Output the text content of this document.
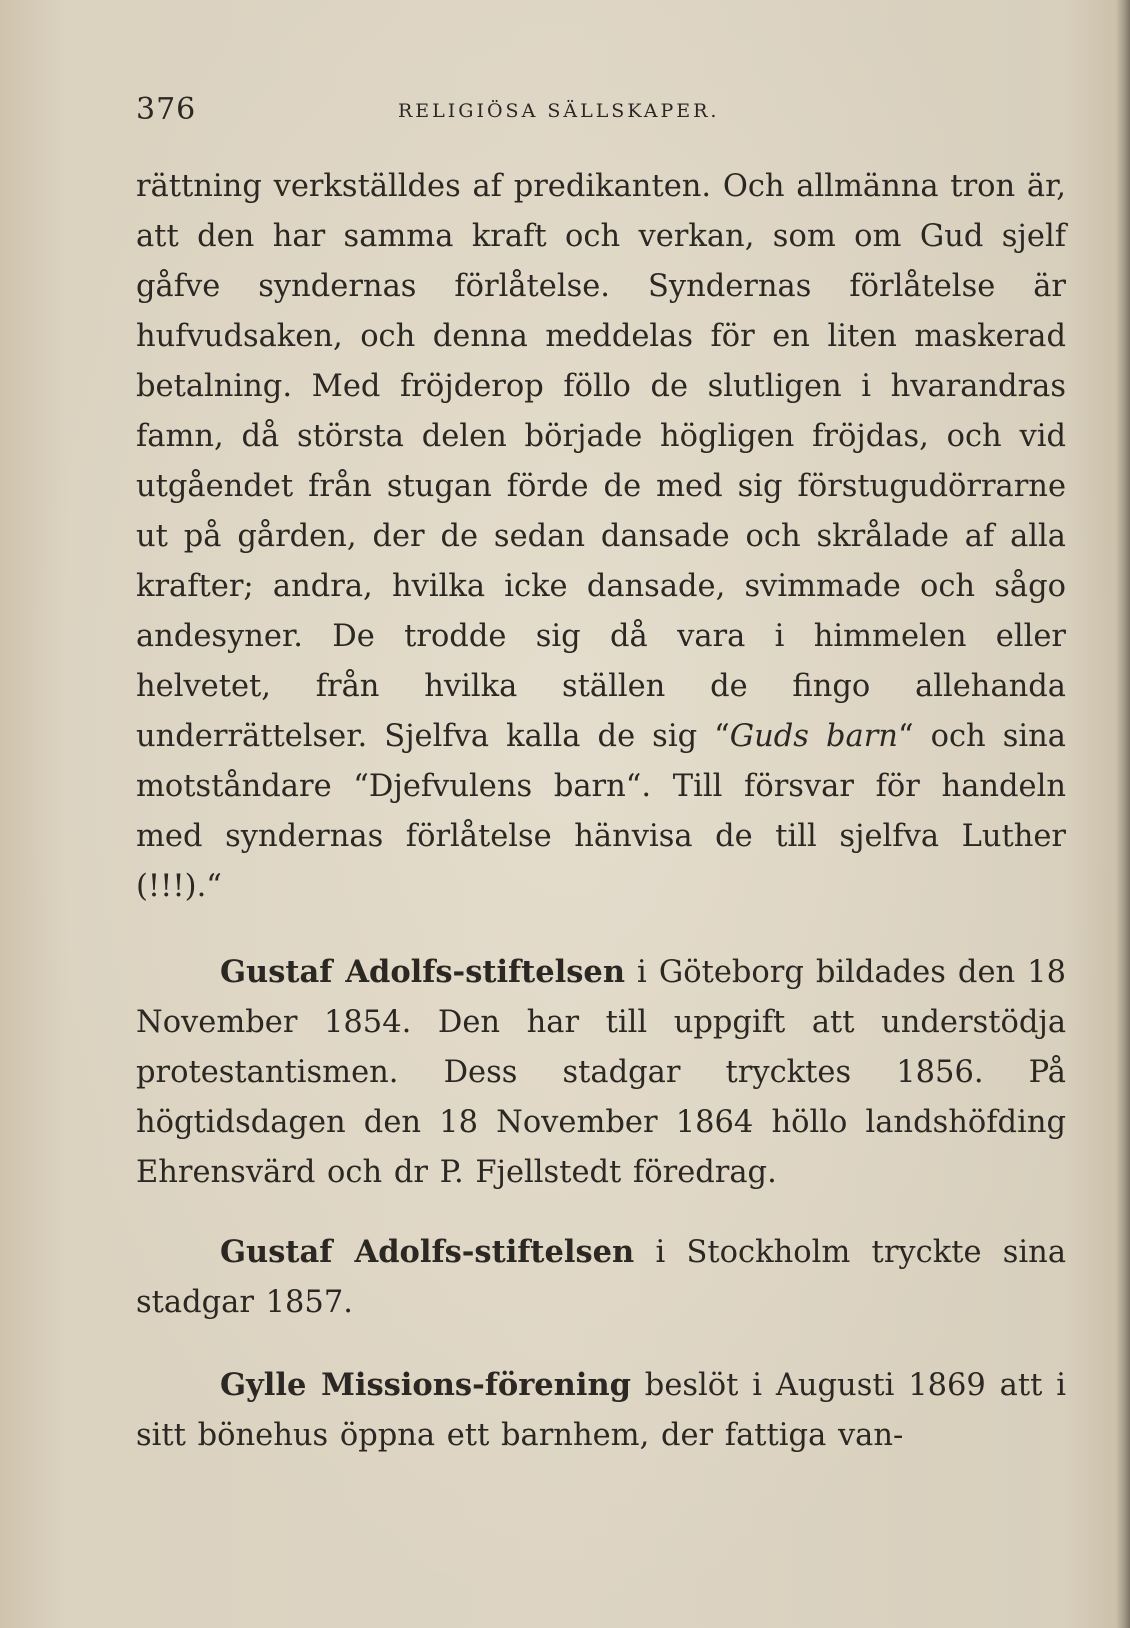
376	RELIGIÖSA SÄLLSKAPER.

rättning verkställdes af predikanten. Och allmänna tron är, att den har samma kraft och verkan, som om Gud sjelf gåfve syndernas förlåtelse. Syndernas förlåtelse är hufvudsaken, och denna meddelas för en liten maskerad betalning. Med fröjderop föllo de slutligen i hvarandras famn, då största delen började högligen fröjdas, och vid utgåendet från stugan förde de med sig förstugudörrarne ut på gården, der de sedan dansade och skrålade af alla krafter; andra, hvilka icke dansade, svimmade och sågo andesyner. De trodde sig då vara i himmelen eller helvetet, från hvilka ställen de fingo allehanda underrättelser. Sjelfva kalla de sig “Guds barn“ och sina motståndare “Djefvulens barn“. Till försvar för handeln med syndernas förlåtelse hänvisa de till sjelfva Luther (!!!).“

Gustaf Adolfs-stiftelsen i Göteborg bildades den 18 November 1854. Den har till uppgift att understödja protestantismen. Dess stadgar trycktes 1856. På högtidsdagen den 18 November 1864 höllo landshöfding Ehrensvärd och dr P. Fjellstedt föredrag.

Gustaf Adolfs-stiftelsen i Stockholm tryckte sina stadgar 1857.

Gylle Missions-förening beslöt i Augusti 1869 att i sitt bönehus öppna ett barnhem, der fattiga van-
